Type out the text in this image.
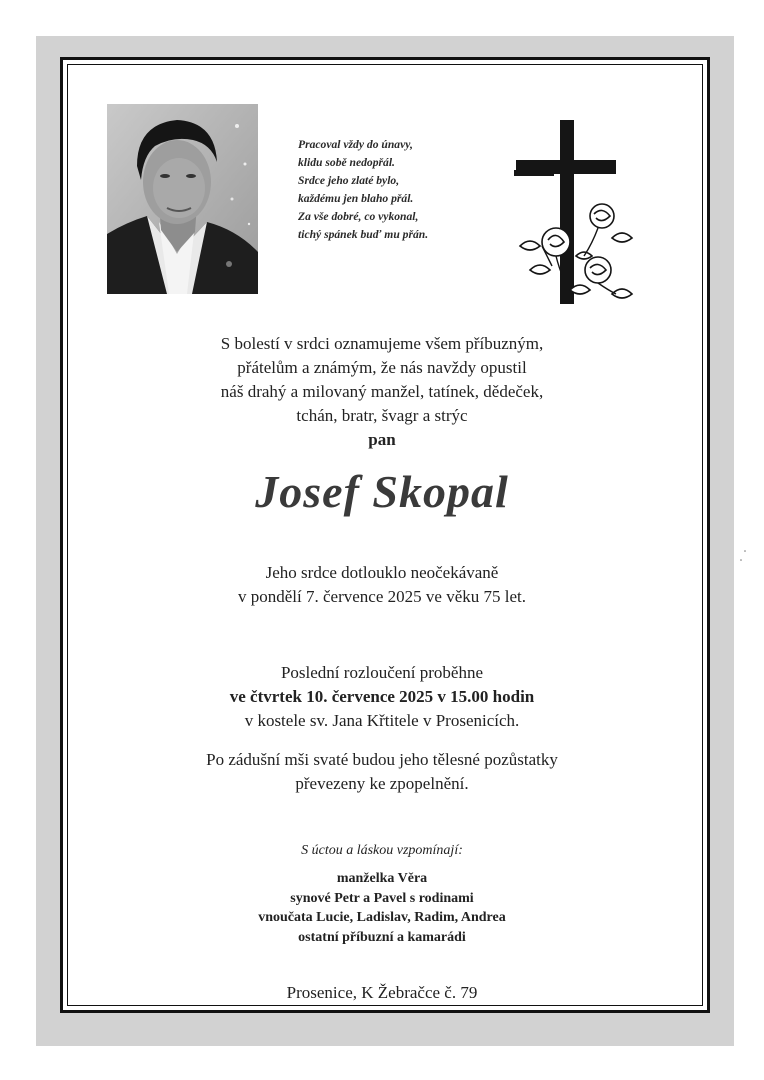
Pracoval vždy do únavy,
klidu sobě nedopřál.
Srdce jeho zlaté bylo,
každému jen blaho přál.
Za vše dobré, co vykonal,
tichý spánek buď mu přán.
S bolestí v srdci oznamujeme všem příbuzným,
přátelům a známým, že nás navždy opustil
náš drahý a milovaný manžel, tatínek, dědeček,
tchán, bratr, švagr a strýc
pan
Josef Skopal
Jeho srdce dotlouklo neočekávaně
v pondělí 7. července 2025 ve věku 75 let.
Poslední rozloučení proběhne
ve čtvrtek 10. července 2025 v 15.00 hodin
v kostele sv. Jana Křtitele v Prosenicích.
Po zádušní mši svaté budou jeho tělesné pozůstatky
převezeny ke zpopelnění.
S úctou a láskou vzpomínají:
manželka Věra
synové Petr a Pavel s rodinami
vnoučata Lucie, Ladislav, Radim, Andrea
ostatní příbuzní a kamarádi
Prosenice, K Žebračce č. 79
